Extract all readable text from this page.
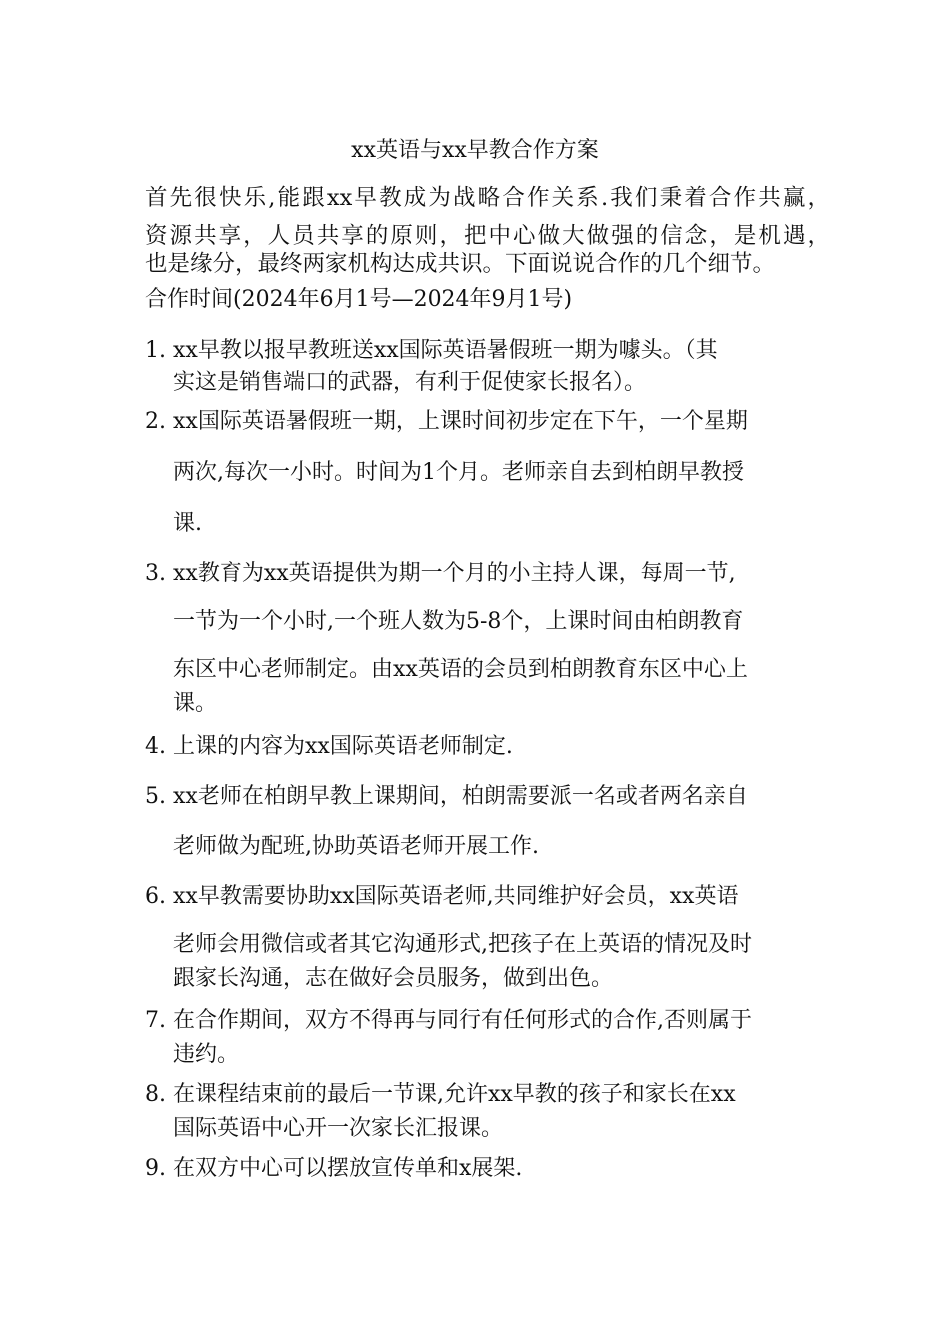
xx英语与xx早教合作方案
首先很快乐,能跟xx早教成为战略合作关系.我们秉着合作共赢，
资源共享，人员共享的原则，把中心做大做强的信念，是机遇，
也是缘分，最终两家机构达成共识。下面说说合作的几个细节。
合作时间(2024年6月1号—2024年9月1号)
1. xx早教以报早教班送xx国际英语暑假班一期为噱头。（其
实这是销售端口的武器，有利于促使家长报名）。
2. xx国际英语暑假班一期，上课时间初步定在下午，一个星期
两次,每次一小时。时间为1个月。老师亲自去到柏朗早教授
课.
3. xx教育为xx英语提供为期一个月的小主持人课，每周一节,
一节为一个小时,一个班人数为5-8个，上课时间由柏朗教育
东区中心老师制定。由xx英语的会员到柏朗教育东区中心上
课。
4. 上课的内容为xx国际英语老师制定.
5. xx老师在柏朗早教上课期间，柏朗需要派一名或者两名亲自
老师做为配班,协助英语老师开展工作.
6. xx早教需要协助xx国际英语老师,共同维护好会员，xx英语
老师会用微信或者其它沟通形式,把孩子在上英语的情况及时
跟家长沟通，志在做好会员服务，做到出色。
7. 在合作期间，双方不得再与同行有任何形式的合作,否则属于
违约。
8. 在课程结束前的最后一节课,允许xx早教的孩子和家长在xx
国际英语中心开一次家长汇报课。
9. 在双方中心可以摆放宣传单和x展架.
